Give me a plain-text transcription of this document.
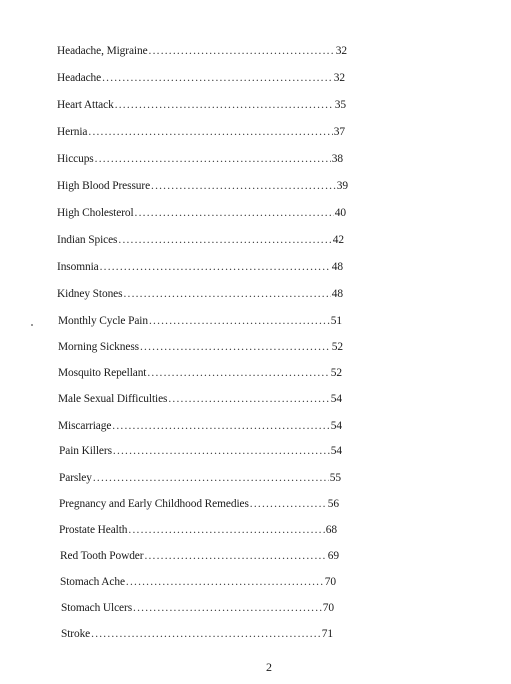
Headache, Migraine .....	32
Headache .....	32
Heart Attack .....	35
Hernia .....	37
Hiccups .....	38
High Blood Pressure .....	39
High Cholesterol .....	40
Indian Spices .....	42
Insomnia .....	48
Kidney Stones .....	48
Monthly Cycle Pain .....	51
Morning Sickness .....	52
Mosquito Repellant .....	52
Male Sexual Difficulties .....	54
Miscarriage .....	54
Pain Killers .....	54
Parsley .....	55
Pregnancy and Early Childhood Remedies .....	56
Prostate Health .....	68
Red Tooth Powder .....	69
Stomach Ache .....	70
Stomach Ulcers .....	70
Stroke .....	71
2
